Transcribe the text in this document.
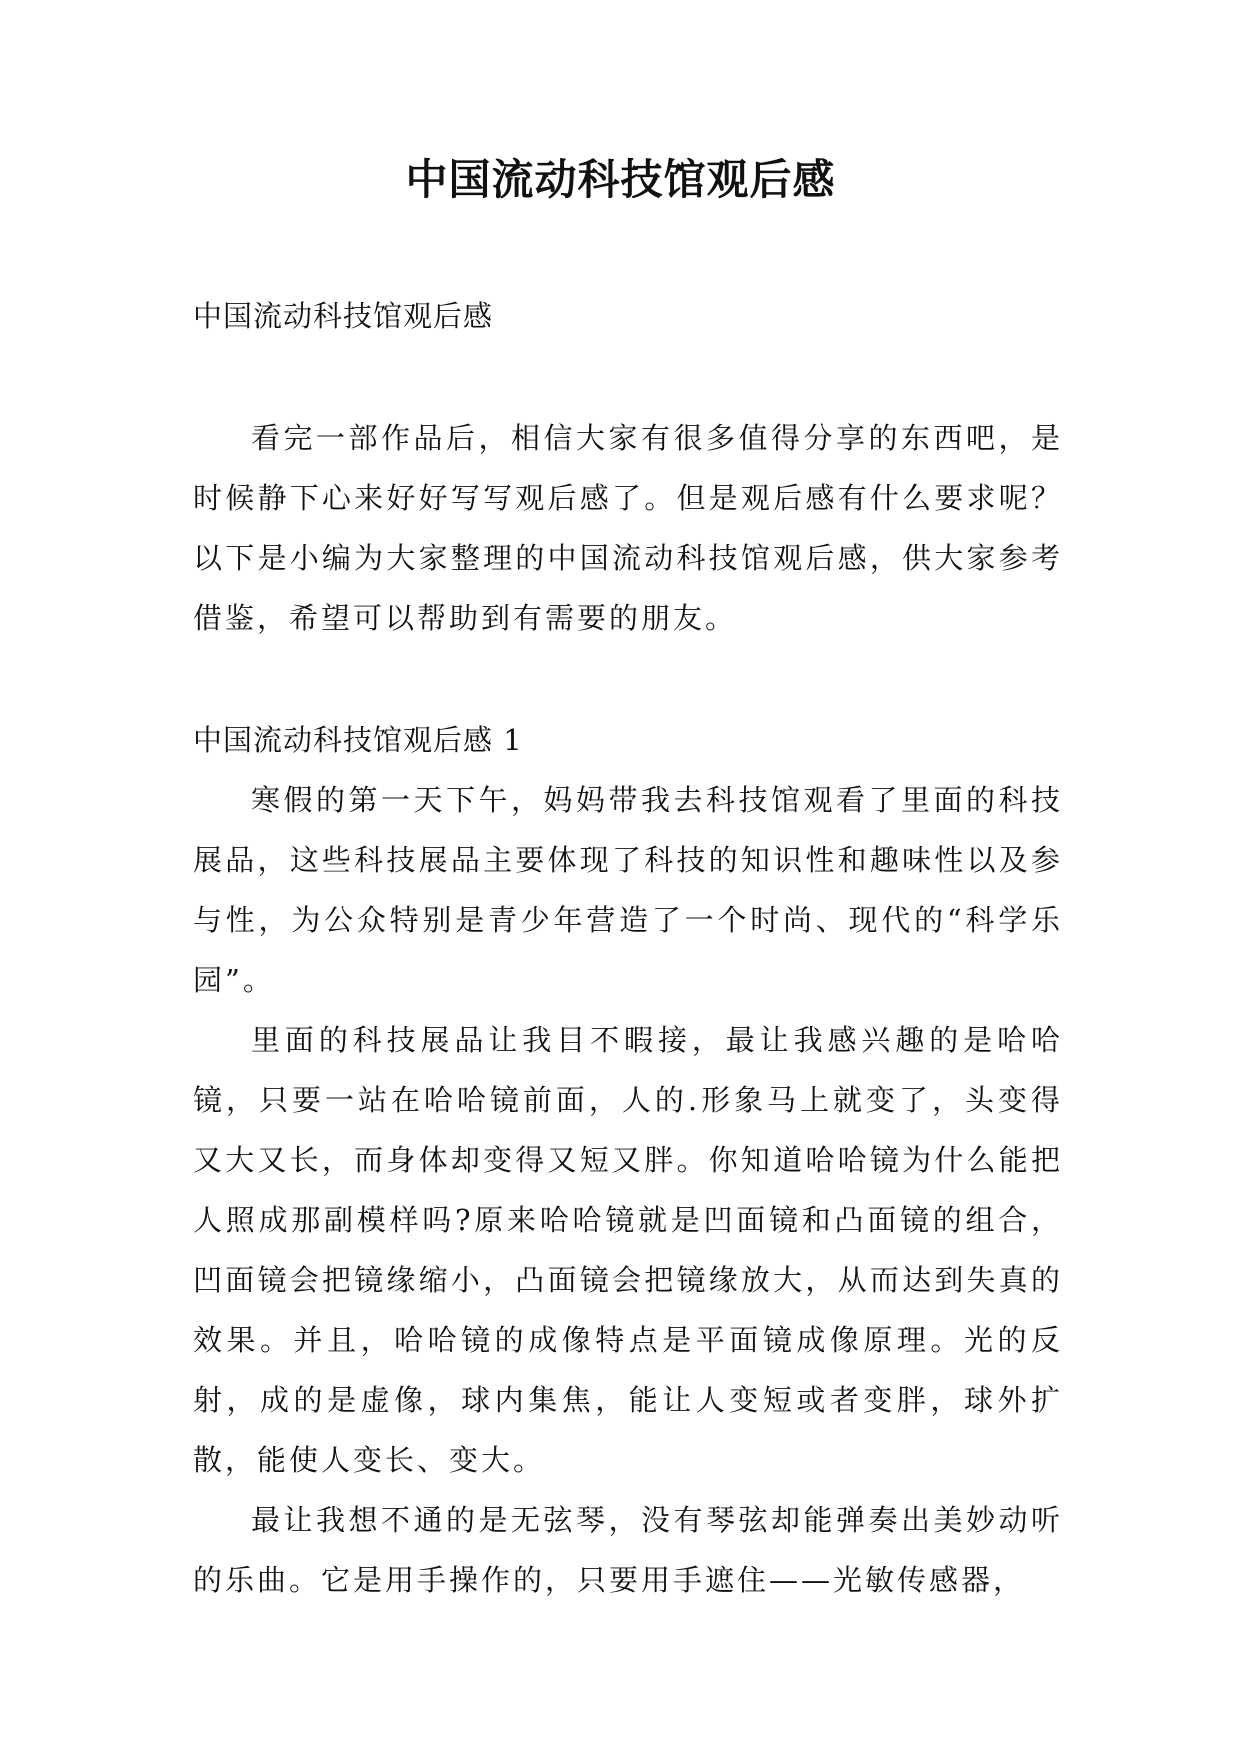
中国流动科技馆观后感

中国流动科技馆观后感

看完一部作品后，相信大家有很多值得分享的东西吧，是时候静下心来好好写写观后感了。但是观后感有什么要求呢？以下是小编为大家整理的中国流动科技馆观后感，供大家参考借鉴，希望可以帮助到有需要的朋友。

中国流动科技馆观后感 1

寒假的第一天下午，妈妈带我去科技馆观看了里面的科技展品，这些科技展品主要体现了科技的知识性和趣味性以及参与性，为公众特别是青少年营造了一个时尚、现代的“科学乐园”。

里面的科技展品让我目不暇接，最让我感兴趣的是哈哈镜，只要一站在哈哈镜前面，人的.形象马上就变了，头变得又大又长，而身体却变得又短又胖。你知道哈哈镜为什么能把人照成那副模样吗?原来哈哈镜就是凹面镜和凸面镜的组合，凹面镜会把镜缘缩小，凸面镜会把镜缘放大，从而达到失真的效果。并且，哈哈镜的成像特点是平面镜成像原理。光的反射，成的是虚像，球内集焦，能让人变短或者变胖，球外扩散，能使人变长、变大。

最让我想不通的是无弦琴，没有琴弦却能弹奏出美妙动听的乐曲。它是用手操作的，只要用手遮住——光敏传感器，
